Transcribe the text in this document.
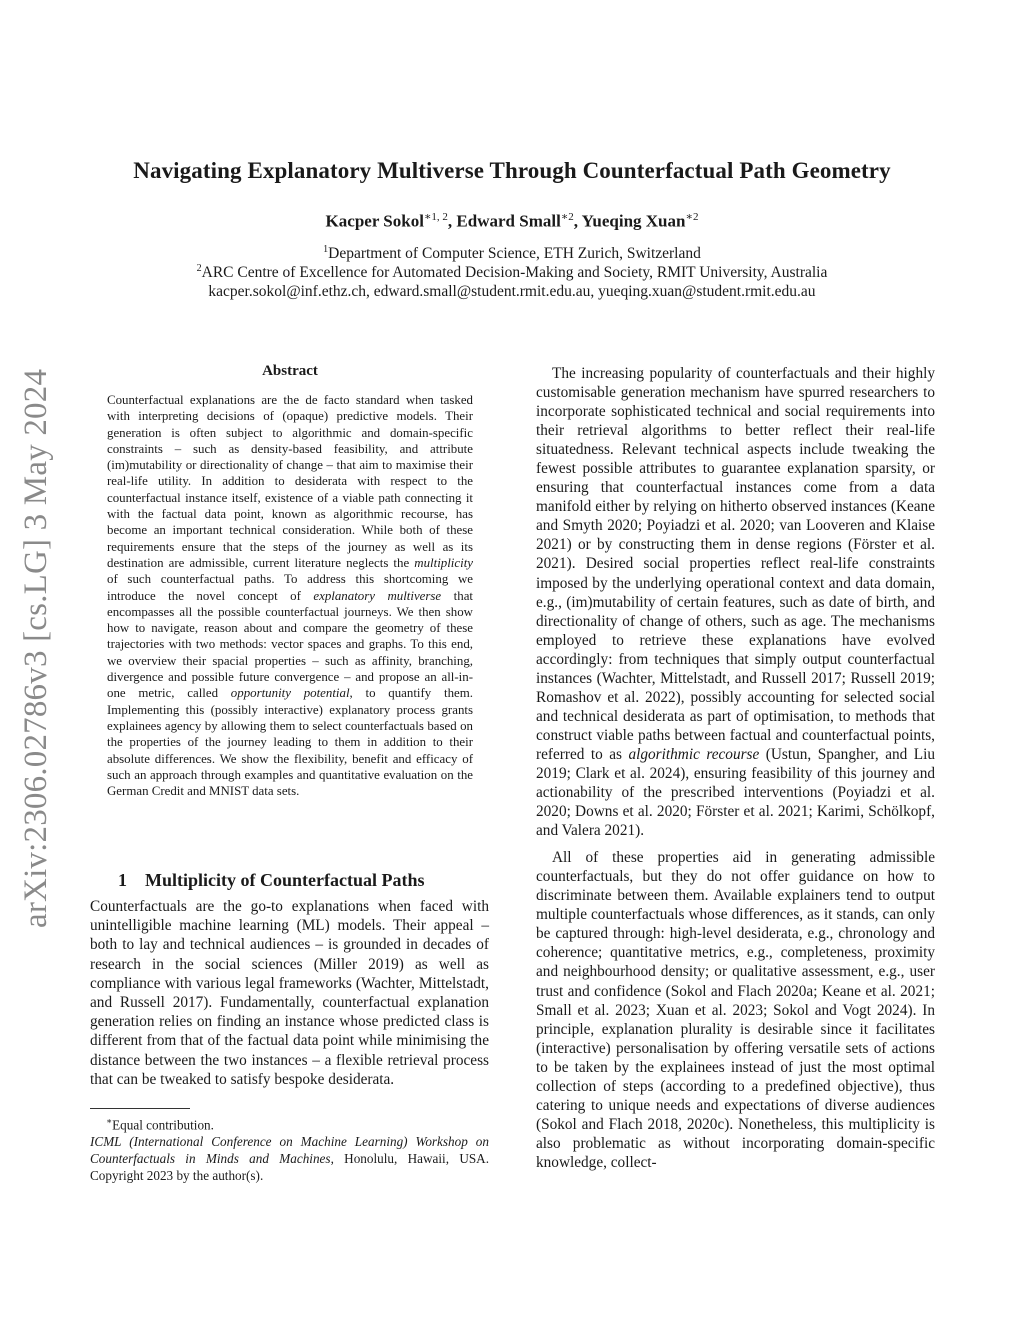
Navigating Explanatory Multiverse Through Counterfactual Path Geometry
Kacper Sokol$^{∗1, 2}$, Edward Small$^{∗2}$, Yueqing Xuan$^{∗2}$
$^1$Department of Computer Science, ETH Zurich, Switzerland
$^2$ARC Centre of Excellence for Automated Decision-Making and Society, RMIT University, Australia
kacper.sokol@inf.ethz.ch, edward.small@student.rmit.edu.au, yueqing.xuan@student.rmit.edu.au
arXiv:2306.02786v3 [cs.LG] 3 May 2024	Abstract
Counterfactual explanations are the de facto standard when tasked with interpreting decisions of (opaque) predictive models. Their generation is often subject to algorithmic and domain-specific constraints – such as density-based feasibility, and attribute (im)mutability or directionality of change – that aim to maximise their real-life utility. In addition to desiderata with respect to the counterfactual instance itself, existence of a viable path connecting it with the factual data point, known as algorithmic recourse, has become an important technical consideration. While both of these requirements ensure that the steps of the journey as well as its destination are admissible, current literature neglects the multiplicity of such counterfactual paths. To address this shortcoming we introduce the novel concept of explanatory multiverse that encompasses all the possible counterfactual journeys. We then show how to navigate, reason about and compare the geometry of these trajectories with two methods: vector spaces and graphs. To this end, we overview their spacial properties – such as affinity, branching, divergence and possible future convergence – and propose an all-in-one metric, called opportunity potential, to quantify them. Implementing this (possibly interactive) explanatory process grants explainees agency by allowing them to select counterfactuals based on the properties of the journey leading to them in addition to their absolute differences. We show the flexibility, benefit and efficacy of such an approach through examples and quantitative evaluation on the German Credit and MNIST data sets.
1 Multiplicity of Counterfactual Paths
Counterfactuals are the go-to explanations when faced with unintelligible machine learning (ML) models. Their appeal – both to lay and technical audiences – is grounded in decades of research in the social sciences (Miller 2019) as well as compliance with various legal frameworks (Wachter, Mittelstadt, and Russell 2017). Fundamentally, counterfactual explanation generation relies on finding an instance whose predicted class is different from that of the factual data point while minimising the distance between the two instances – a flexible retrieval process that can be tweaked to satisfy bespoke desiderata.
∗Equal contribution.
ICML (International Conference on Machine Learning) Workshop on Counterfactuals in Minds and Machines, Honolulu, Hawaii, USA. Copyright 2023 by the author(s).

The increasing popularity of counterfactuals and their highly customisable generation mechanism have spurred researchers to incorporate sophisticated technical and social requirements into their retrieval algorithms to better reflect their real-life situatedness. Relevant technical aspects include tweaking the fewest possible attributes to guarantee explanation sparsity, or ensuring that counterfactual instances come from a data manifold either by relying on hitherto observed instances (Keane and Smyth 2020; Poyiadzi et al. 2020; van Looveren and Klaise 2021) or by constructing them in dense regions (Förster et al. 2021). Desired social properties reflect real-life constraints imposed by the underlying operational context and data domain, e.g., (im)mutability of certain features, such as date of birth, and directionality of change of others, such as age. The mechanisms employed to retrieve these explanations have evolved accordingly: from techniques that simply output counterfactual instances (Wachter, Mittelstadt, and Russell 2017; Russell 2019; Romashov et al. 2022), possibly accounting for selected social and technical desiderata as part of optimisation, to methods that construct viable paths between factual and counterfactual points, referred to as algorithmic recourse (Ustun, Spangher, and Liu 2019; Clark et al. 2024), ensuring feasibility of this journey and actionability of the prescribed interventions (Poyiadzi et al. 2020; Downs et al. 2020; Förster et al. 2021; Karimi, Schölkopf, and Valera 2021).

All of these properties aid in generating admissible counterfactuals, but they do not offer guidance on how to discriminate between them. Available explainers tend to output multiple counterfactuals whose differences, as it stands, can only be captured through: high-level desiderata, e.g., chronology and coherence; quantitative metrics, e.g., completeness, proximity and neighbourhood density; or qualitative assessment, e.g., user trust and confidence (Sokol and Flach 2020a; Keane et al. 2021; Small et al. 2023; Xuan et al. 2023; Sokol and Vogt 2024). In principle, explanation plurality is desirable since it facilitates (interactive) personalisation by offering versatile sets of actions to be taken by the explainees instead of just the most optimal collection of steps (according to a predefined objective), thus catering to unique needs and expectations of diverse audiences (Sokol and Flach 2018, 2020c). Nonetheless, this multiplicity is also problematic as without incorporating domain-specific knowledge, collect-
